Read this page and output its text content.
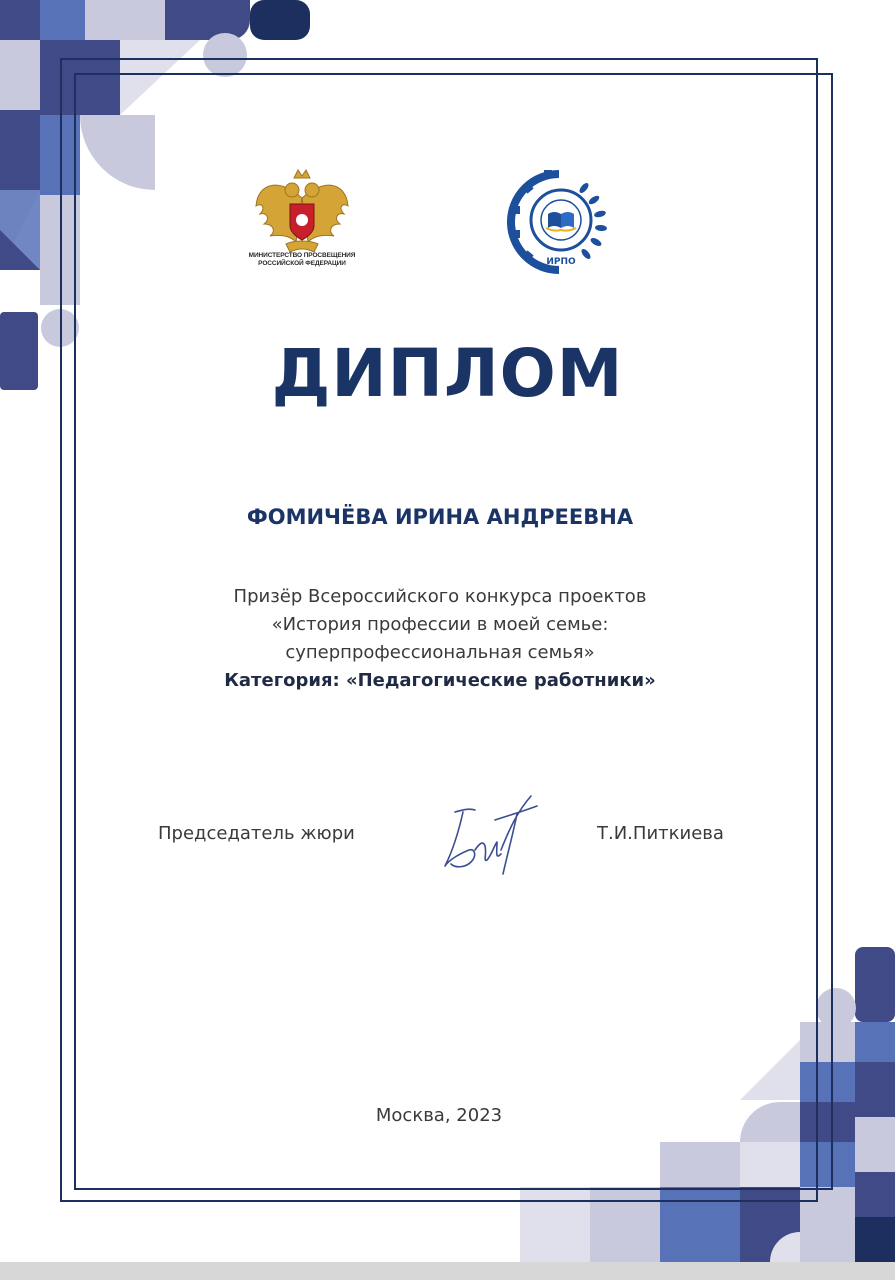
МИНИСТЕРСТВО ПРОСВЕЩЕНИЯ
РОССИЙСКОЙ ФЕДЕРАЦИИ	ИРПО
ДИПЛОМ
ФОМИЧЁВА ИРИНА АНДРЕЕВНА
Призёр Всероссийского конкурса проектов
«История профессии в моей семье:
суперпрофессиональная семья»
Категория: «Педагогические работники»
Председатель жюри	Т.И.Питкиева
Москва, 2023
